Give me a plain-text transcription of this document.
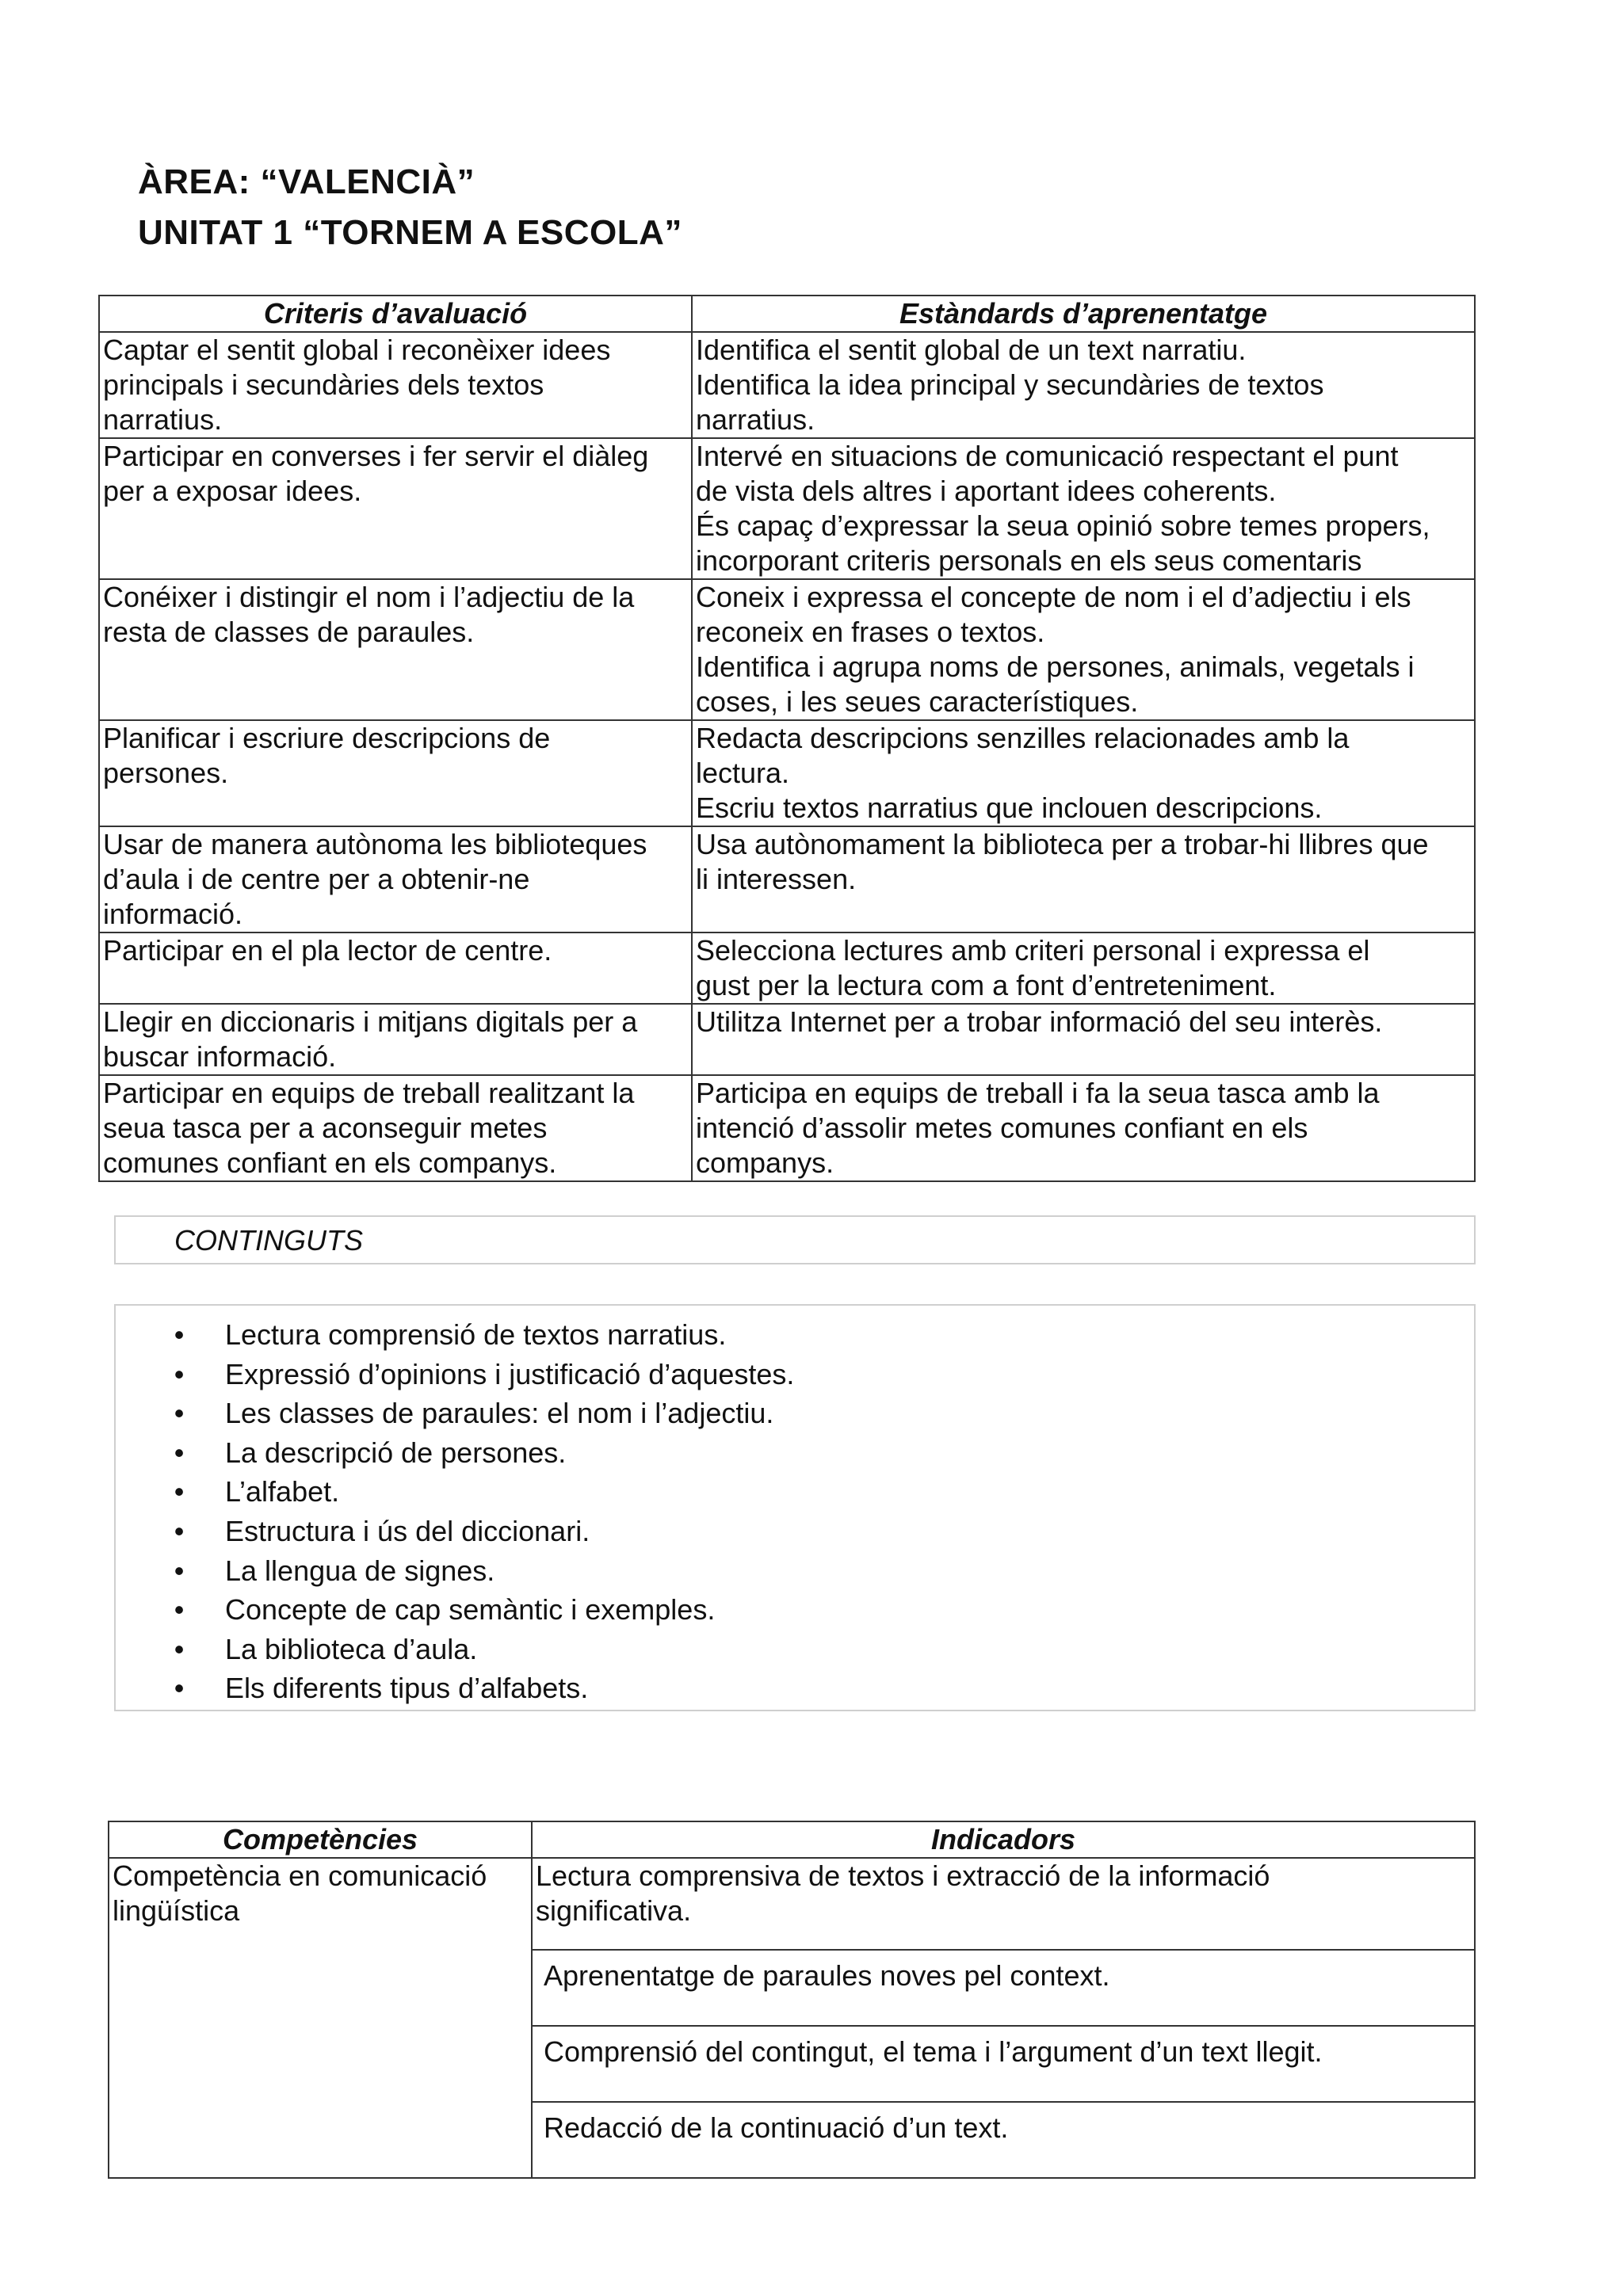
ÀREA: “VALENCIÀ”
UNITAT 1 “TORNEM A ESCOLA”
Criteris d’avaluació	Estàndards d’aprenentatge

Captar el sentit global i reconèixer idees
principals i secundàries dels textos
narratius.	Identifica el sentit global de un text narratiu.
Identifica la idea principal y secundàries de textos
narratius.

Participar en converses i fer servir el diàleg
per a exposar idees.	Intervé en situacions de comunicació respectant el punt
de vista dels altres i aportant idees coherents.
És capaç d’expressar la seua opinió sobre temes propers,
incorporant criteris personals en els seus comentaris

Conéixer i distingir el nom i l’adjectiu de la
resta de classes de paraules.	Coneix i expressa el concepte de nom i el d’adjectiu i els
reconeix en frases o textos.
Identifica i agrupa noms de persones, animals, vegetals i
coses, i les seues característiques.

Planificar i escriure descripcions de
persones.	Redacta descripcions senzilles relacionades amb la
lectura.
Escriu textos narratius que inclouen descripcions.

Usar de manera autònoma les biblioteques
d’aula i de centre per a obtenir-ne
informació.	Usa autònomament la biblioteca per a trobar-hi llibres que
li interessen.

Participar en el pla lector de centre.	Selecciona lectures amb criteri personal i expressa el
gust per la lectura com a font d’entreteniment.

Llegir en diccionaris i mitjans digitals per a
buscar informació.	Utilitza Internet per a trobar informació del seu interès.

Participar en equips de treball realitzant la
seua tasca per a aconseguir metes
comunes confiant en els companys.	Participa en equips de treball i fa la seua tasca amb la
intenció d’assolir metes comunes confiant en els
companys.
CONTINGUTS
• Lectura comprensió de textos narratius.
• Expressió d’opinions i justificació d’aquestes.
• Les classes de paraules: el nom i l’adjectiu.
• La descripció de persones.
• L’alfabet.
• Estructura i ús del diccionari.
• La llengua de signes.
• Concepte de cap semàntic i exemples.
• La biblioteca d’aula.
• Els diferents tipus d’alfabets.
Competències	Indicadors

Competència en comunicació
lingüística	Lectura comprensiva de textos i extracció de la informació
significativa.

	Aprenentatge de paraules noves pel context.

	Comprensió del contingut, el tema i l’argument d’un text llegit.

	Redacció de la continuació d’un text.
